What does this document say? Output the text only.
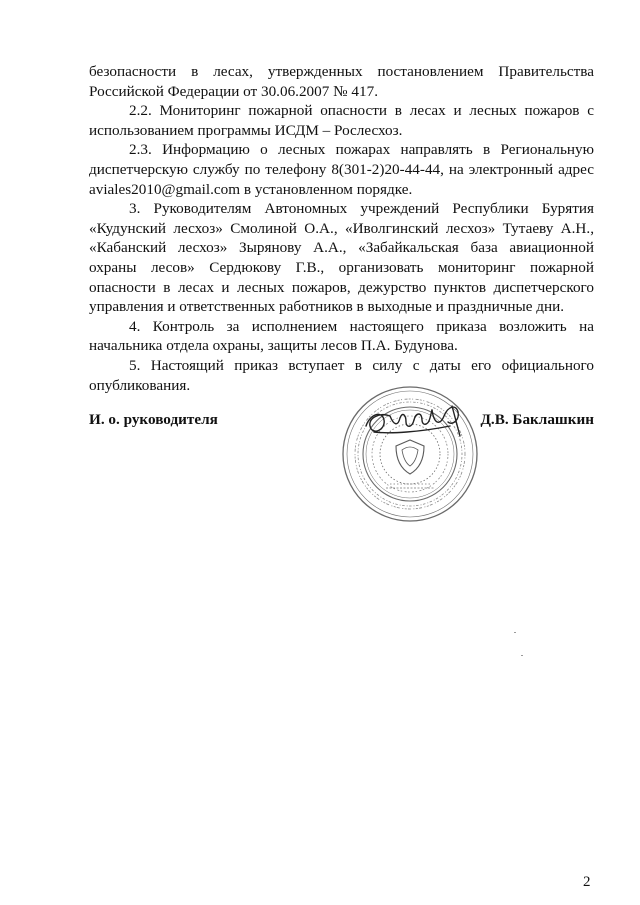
безопасности в лесах, утвержденных постановлением Правительства Российской Федерации от 30.06.2007 № 417.

2.2. Мониторинг пожарной опасности в лесах и лесных пожаров с использованием программы ИСДМ – Рослесхоз.

2.3. Информацию о лесных пожарах направлять в Региональную диспетчерскую службу по телефону 8(301-2)20-44-44, на электронный адрес aviales2010@gmail.com в установленном порядке.

3. Руководителям Автономных учреждений Республики Бурятия «Кудунский лесхоз» Смолиной О.А., «Иволгинский лесхоз» Тутаеву А.Н., «Кабанский лесхоз» Зырянову А.А., «Забайкальская база авиационной охраны лесов» Сердюкову Г.В., организовать мониторинг пожарной опасности в лесах и лесных пожаров, дежурство пунктов диспетчерского управления и ответственных работников в выходные и праздничные дни.

4. Контроль за исполнением настоящего приказа возложить на начальника отдела охраны, защиты лесов П.А. Будунова.

5. Настоящий приказ вступает в силу с даты его официального опубликования.

И. о. руководителя	Д.В. Баклашкин
2
